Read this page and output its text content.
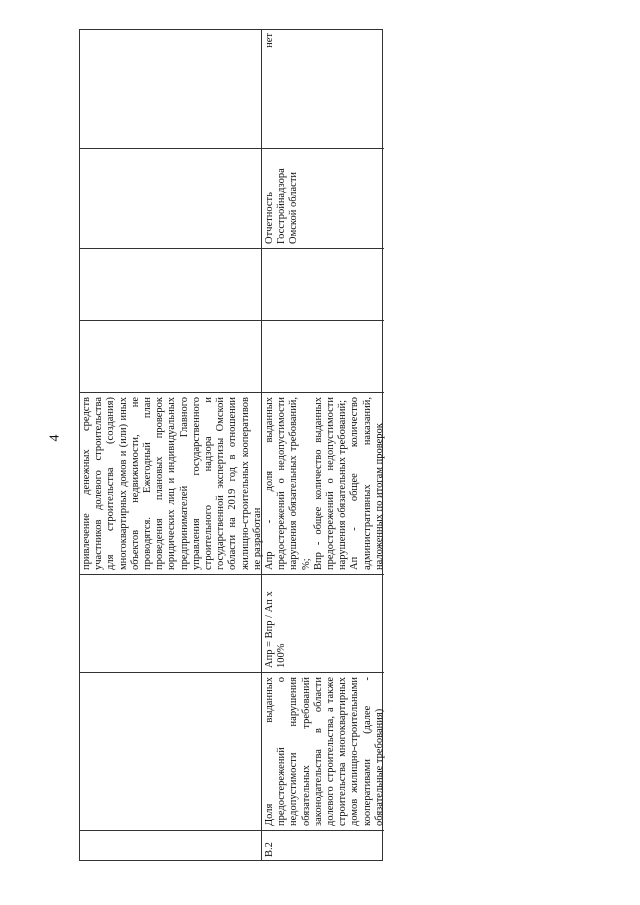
4 привлечение денежных средств участников долевого строительства для строительства (создания) многоквартирных домов и (или) иных объектов недвижимости, не проводятся. Ежегодный план проведения плановых проверок юридических лиц и индивидуальных предпринимателей Главного управления государственного строительного надзора и государственной экспертизы Омской области на 2019 год в отношении жилищно-строительных кооперативов не разработан
В.2
Доля выданных предостережений о недопустимости нарушения обязательных требований законодательства в области долевого строительства, а также строительства многоквартирных домов жилищно-строительными кооперативами (далее - обязательные требования)
Апр = Впр / Ап х 100%

Апр - доля выданных предостережений о недопустимости нарушения обязательных требований, %; Впр - общее количество выданных предостережений о недопустимости нарушения обязательных требований; Ап - общее количество административных наказаний, наложенных по итогам проверок

Отчетность Госстройнадзора Омской области
нет
